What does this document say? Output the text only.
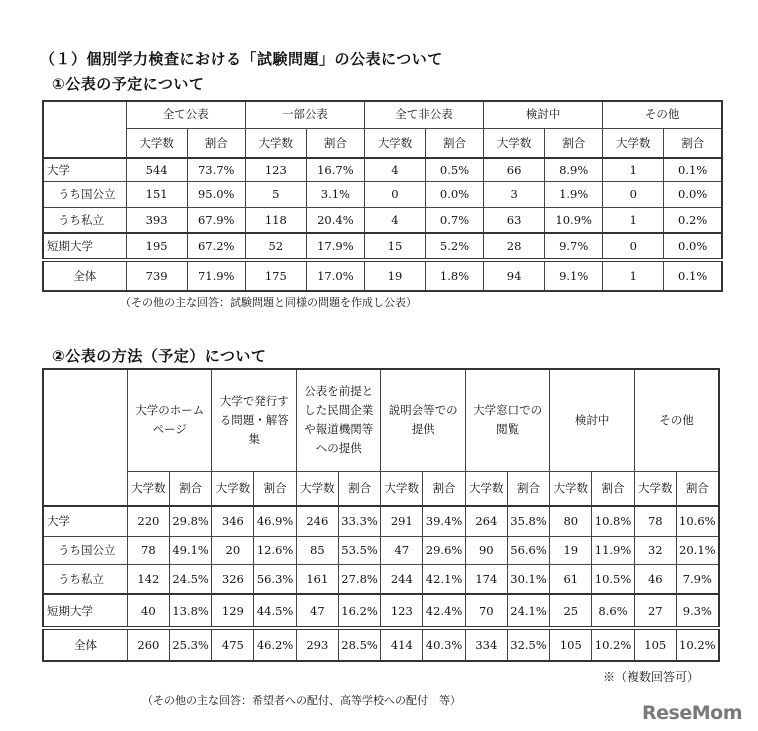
（１）個別学力検査における「試験問題」の公表について
①公表の予定について
	全て公表		一部公表		全て非公表		検討中		その他	
	大学数	割合	大学数	割合	大学数	割合	大学数	割合	大学数	割合
大学	544	73.7%	123	16.7%	4	0.5%	66	8.9%	1	0.1%
うち国公立	151	95.0%	5	3.1%	0	0.0%	3	1.9%	0	0.0%
うち私立	393	67.9%	118	20.4%	4	0.7%	63	10.9%	1	0.2%
短期大学	195	67.2%	52	17.9%	15	5.2%	28	9.7%	0	0.0%
全体	739	71.9%	175	17.0%	19	1.8%	94	9.1%	1	0.1%
（その他の主な回答：試験問題と同様の問題を作成し公表）
②公表の方法（予定）について
	大学のホームページ		大学で発行する問題・解答集		公表を前提とした民間企業や報道機関等への提供		説明会等での提供		大学窓口での閲覧		検討中		その他	
	大学数	割合	大学数	割合	大学数	割合	大学数	割合	大学数	割合	大学数	割合	大学数	割合
大学	220	29.8%	346	46.9%	246	33.3%	291	39.4%	264	35.8%	80	10.8%	78	10.6%
うち国公立	78	49.1%	20	12.6%	85	53.5%	47	29.6%	90	56.6%	19	11.9%	32	20.1%
うち私立	142	24.5%	326	56.3%	161	27.8%	244	42.1%	174	30.1%	61	10.5%	46	7.9%
短期大学	40	13.8%	129	44.5%	47	16.2%	123	42.4%	70	24.1%	25	8.6%	27	9.3%
全体	260	25.3%	475	46.2%	293	28.5%	414	40.3%	334	32.5%	105	10.2%	105	10.2%
※（複数回答可）
（その他の主な回答：希望者への配付、高等学校への配付　等）
ReseMom
